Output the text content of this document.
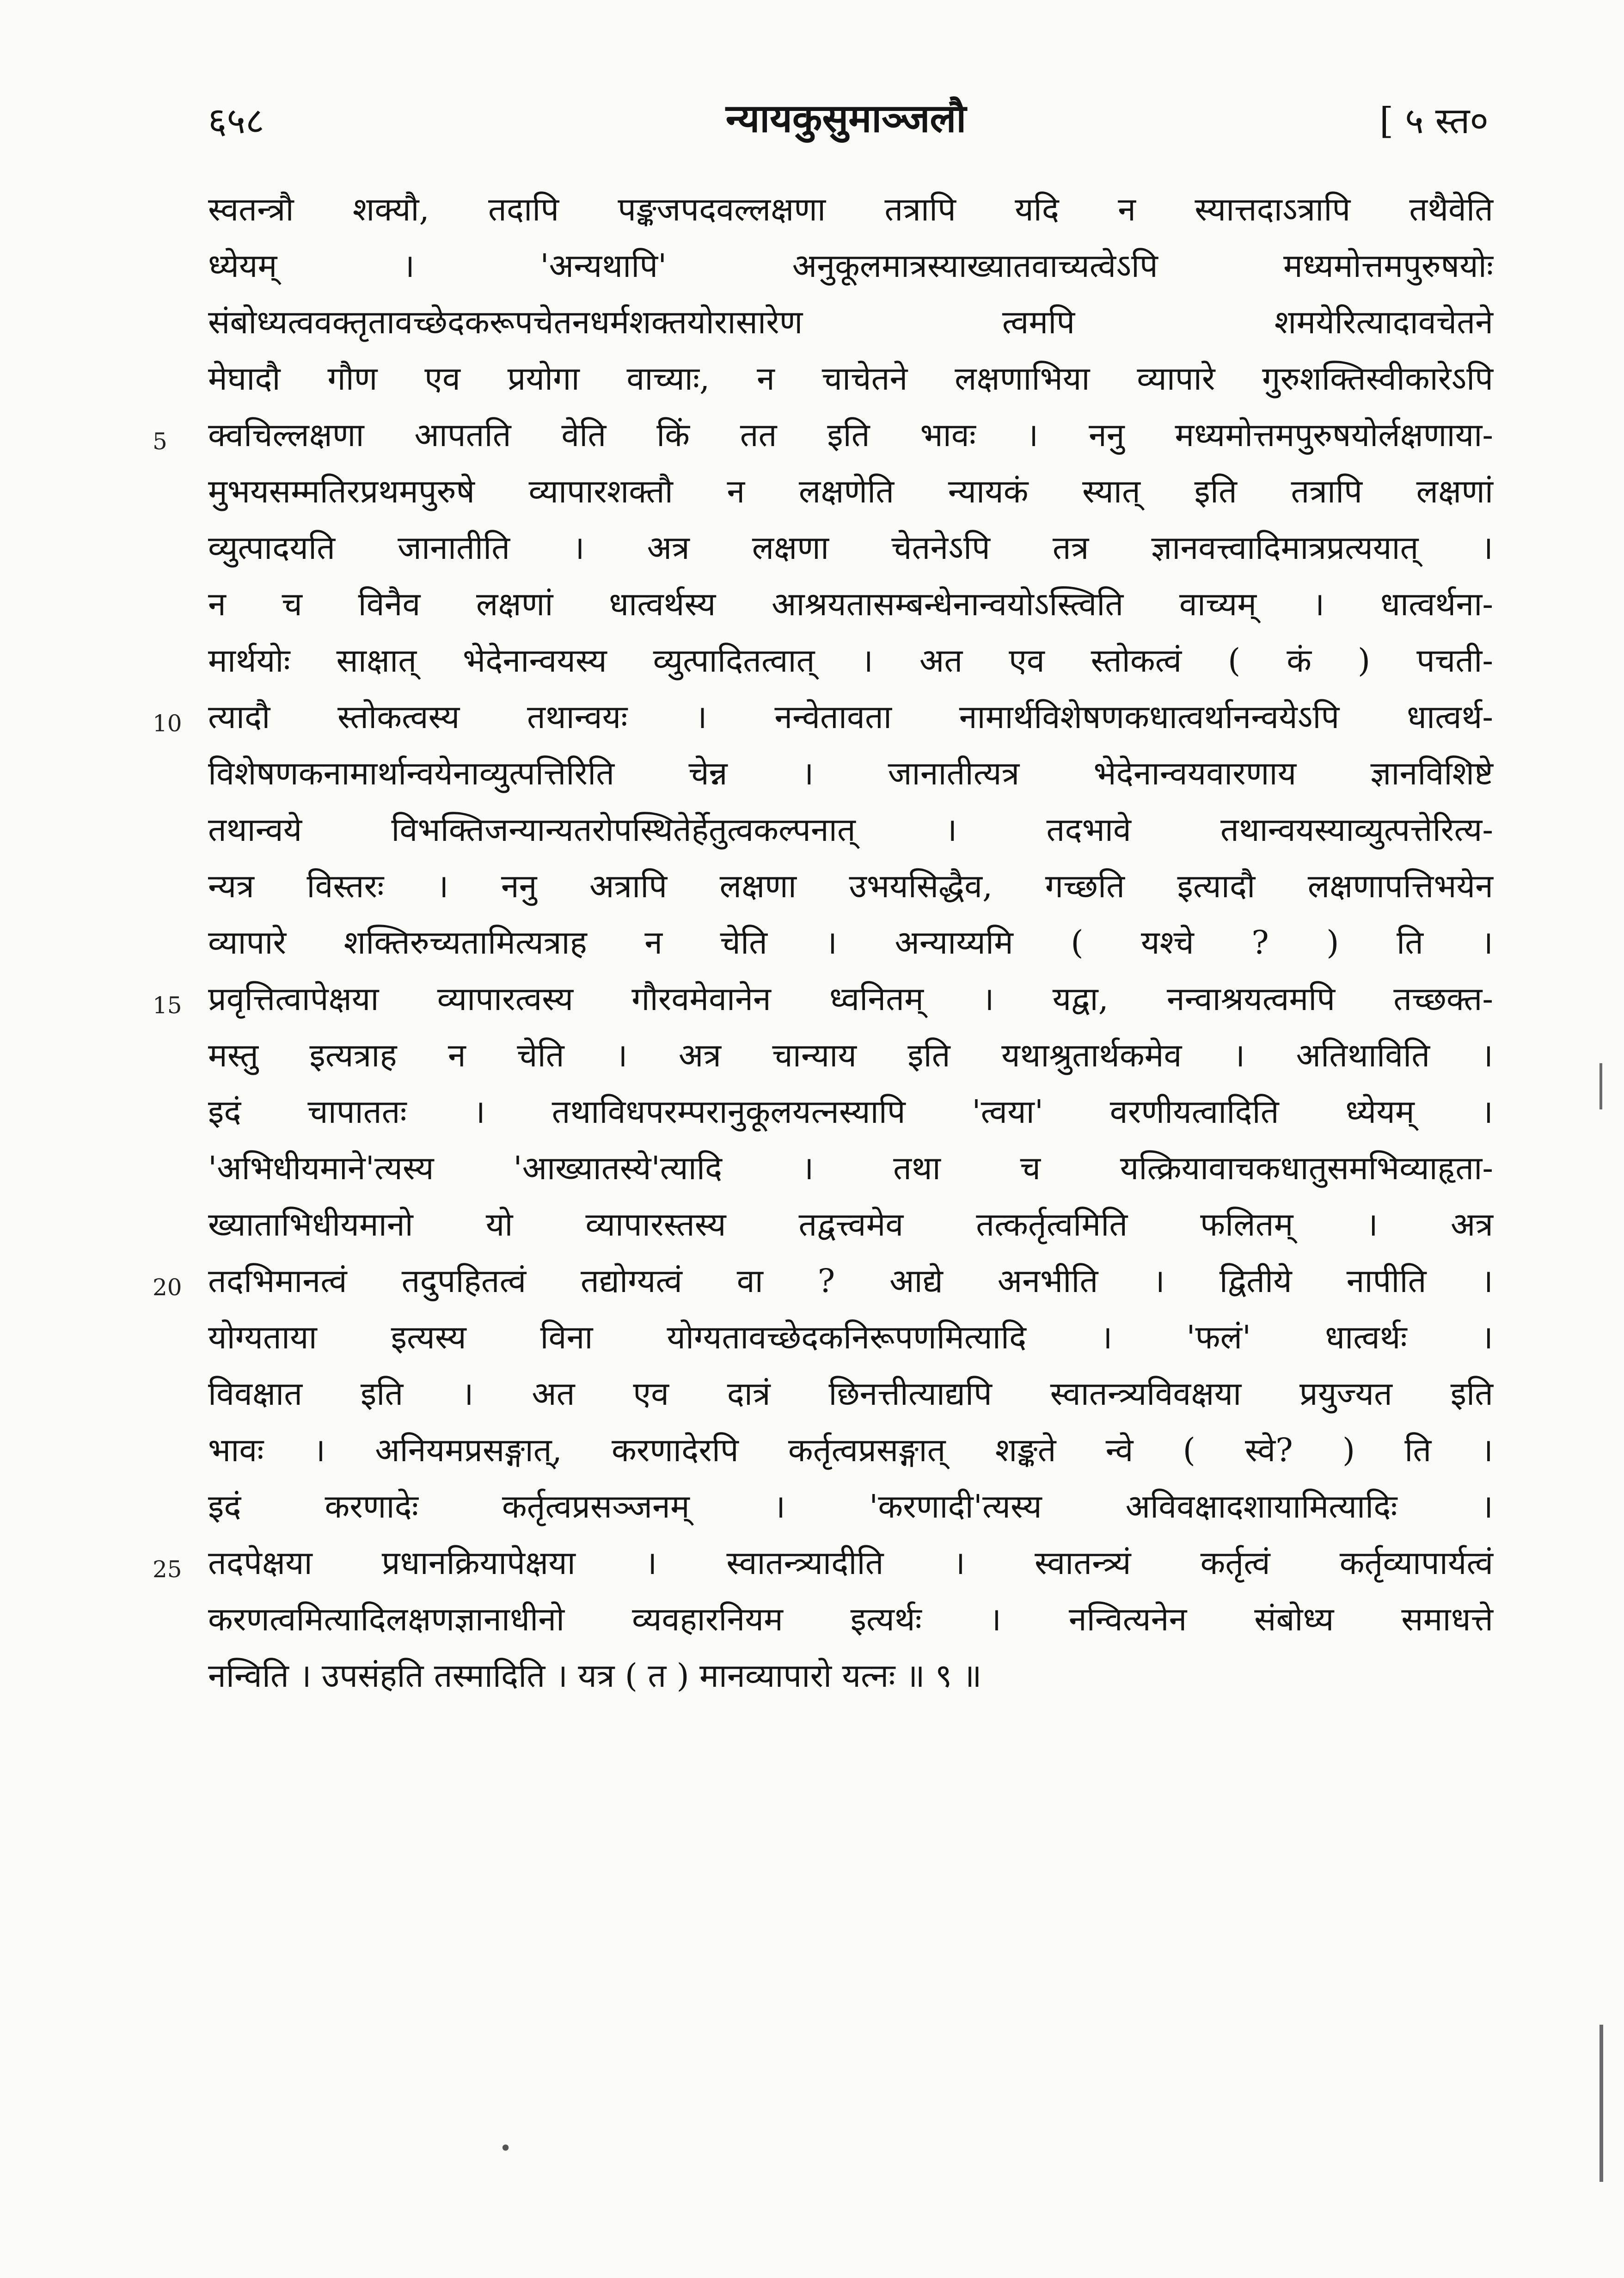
६५८	न्यायकुसुमाञ्जलौ	[ ५ स्त०
स्वतन्त्रौ शक्यौ, तदापि पङ्कजपदवल्लक्षणा तत्रापि यदि न स्यात्तदाऽत्रापि तथैवेति
ध्येयम् । 'अन्यथापि' अनुकूलमात्रस्याख्यातवाच्यत्वेऽपि मध्यमोत्तमपुरुषयोः
संबोध्यत्ववक्तृतावच्छेदकरूपचेतनधर्मशक्तयोरासारेण त्वमपि शमयेरित्यादावचेतने
मेघादौ गौण एव प्रयोगा वाच्याः, न चाचेतने लक्षणाभिया व्यापारे गुरुशक्तिस्वीकारेऽपि
5	क्वचिल्लक्षणा आपतति वेति किं तत इति भावः । ननु मध्यमोत्तमपुरुषयोर्लक्षणाया-
मुभयसम्मतिरप्रथमपुरुषे व्यापारशक्तौ न लक्षणेति न्यायकं स्यात् इति तत्रापि लक्षणां
व्युत्पादयति जानातीति । अत्र लक्षणा चेतनेऽपि तत्र ज्ञानवत्त्वादिमात्रप्रत्ययात् ।
न च विनैव लक्षणां धात्वर्थस्य आश्रयतासम्बन्धेनान्वयोऽस्त्विति वाच्यम् । धात्वर्थना-
मार्थयोः साक्षात् भेदेनान्वयस्य व्युत्पादितत्वात् । अत एव स्तोकत्वं ( कं ) पचती-
10 त्यादौ स्तोकत्वस्य तथान्वयः । नन्वेतावता नामार्थविशेषणकधात्वर्थानन्वयेऽपि धात्वर्थ-
विशेषणकनामार्थान्वयेनाव्युत्पत्तिरिति चेन्न । जानातीत्यत्र भेदेनान्वयवारणाय ज्ञानविशिष्टे
तथान्वये विभक्तिजन्यान्यतरोपस्थितेर्हेतुत्वकल्पनात् । तदभावे तथान्वयस्याव्युत्पत्तेरित्य-
न्यत्र विस्तरः । ननु अत्रापि लक्षणा उभयसिद्धैव, गच्छति इत्यादौ लक्षणापत्तिभयेन
व्यापारे शक्तिरुच्यतामित्यत्राह न चेति । अन्याय्यमि ( यश्चे ? ) ति ।
15 प्रवृत्तित्वापेक्षया व्यापारत्वस्य गौरवमेवानेन ध्वनितम् । यद्वा, नन्वाश्रयत्वमपि तच्छक्त-
मस्तु इत्यत्राह न चेति । अत्र चान्याय इति यथाश्रुतार्थकमेव । अतिथाविति ।
इदं चापाततः । तथाविधपरम्परानुकूलयत्नस्यापि 'त्वया' वरणीयत्वादिति ध्येयम् ।
'अभिधीयमाने'त्यस्य 'आख्यातस्ये'त्यादि । तथा च यत्क्रियावाचकधातुसमभिव्याहृता-
ख्याताभिधीयमानो यो व्यापारस्तस्य तद्वत्त्वमेव तत्कर्तृत्वमिति फलितम् । अत्र
20 तदभिमानत्वं तदुपहितत्वं तद्योग्यत्वं वा ? आद्ये अनभीति । द्वितीये नापीति ।
योग्यताया इत्यस्य विना योग्यतावच्छेदकनिरूपणमित्यादि । 'फलं' धात्वर्थः ।
विवक्षात इति । अत एव दात्रं छिनत्तीत्याद्यपि स्वातन्त्र्यविवक्षया प्रयुज्यत इति
भावः । अनियमप्रसङ्गात्, करणादेरपि कर्तृत्वप्रसङ्गात् शङ्कते न्वे ( स्वे? ) ति ।
इदं करणादेः कर्तृत्वप्रसञ्जनम् । 'करणादी'त्यस्य अविवक्षादशायामित्यादिः ।
25 तदपेक्षया प्रधानक्रियापेक्षया । स्वातन्त्र्यादीति । स्वातन्त्र्यं कर्तृत्वं कर्तृव्यापार्यत्वं
करणत्वमित्यादिलक्षणज्ञानाधीनो व्यवहारनियम इत्यर्थः । नन्वित्यनेन संबोध्य समाधत्ते
नन्विति । उपसंहति तस्मादिति । यत्र ( त ) मानव्यापारो यत्नः ॥ ९ ॥
•
